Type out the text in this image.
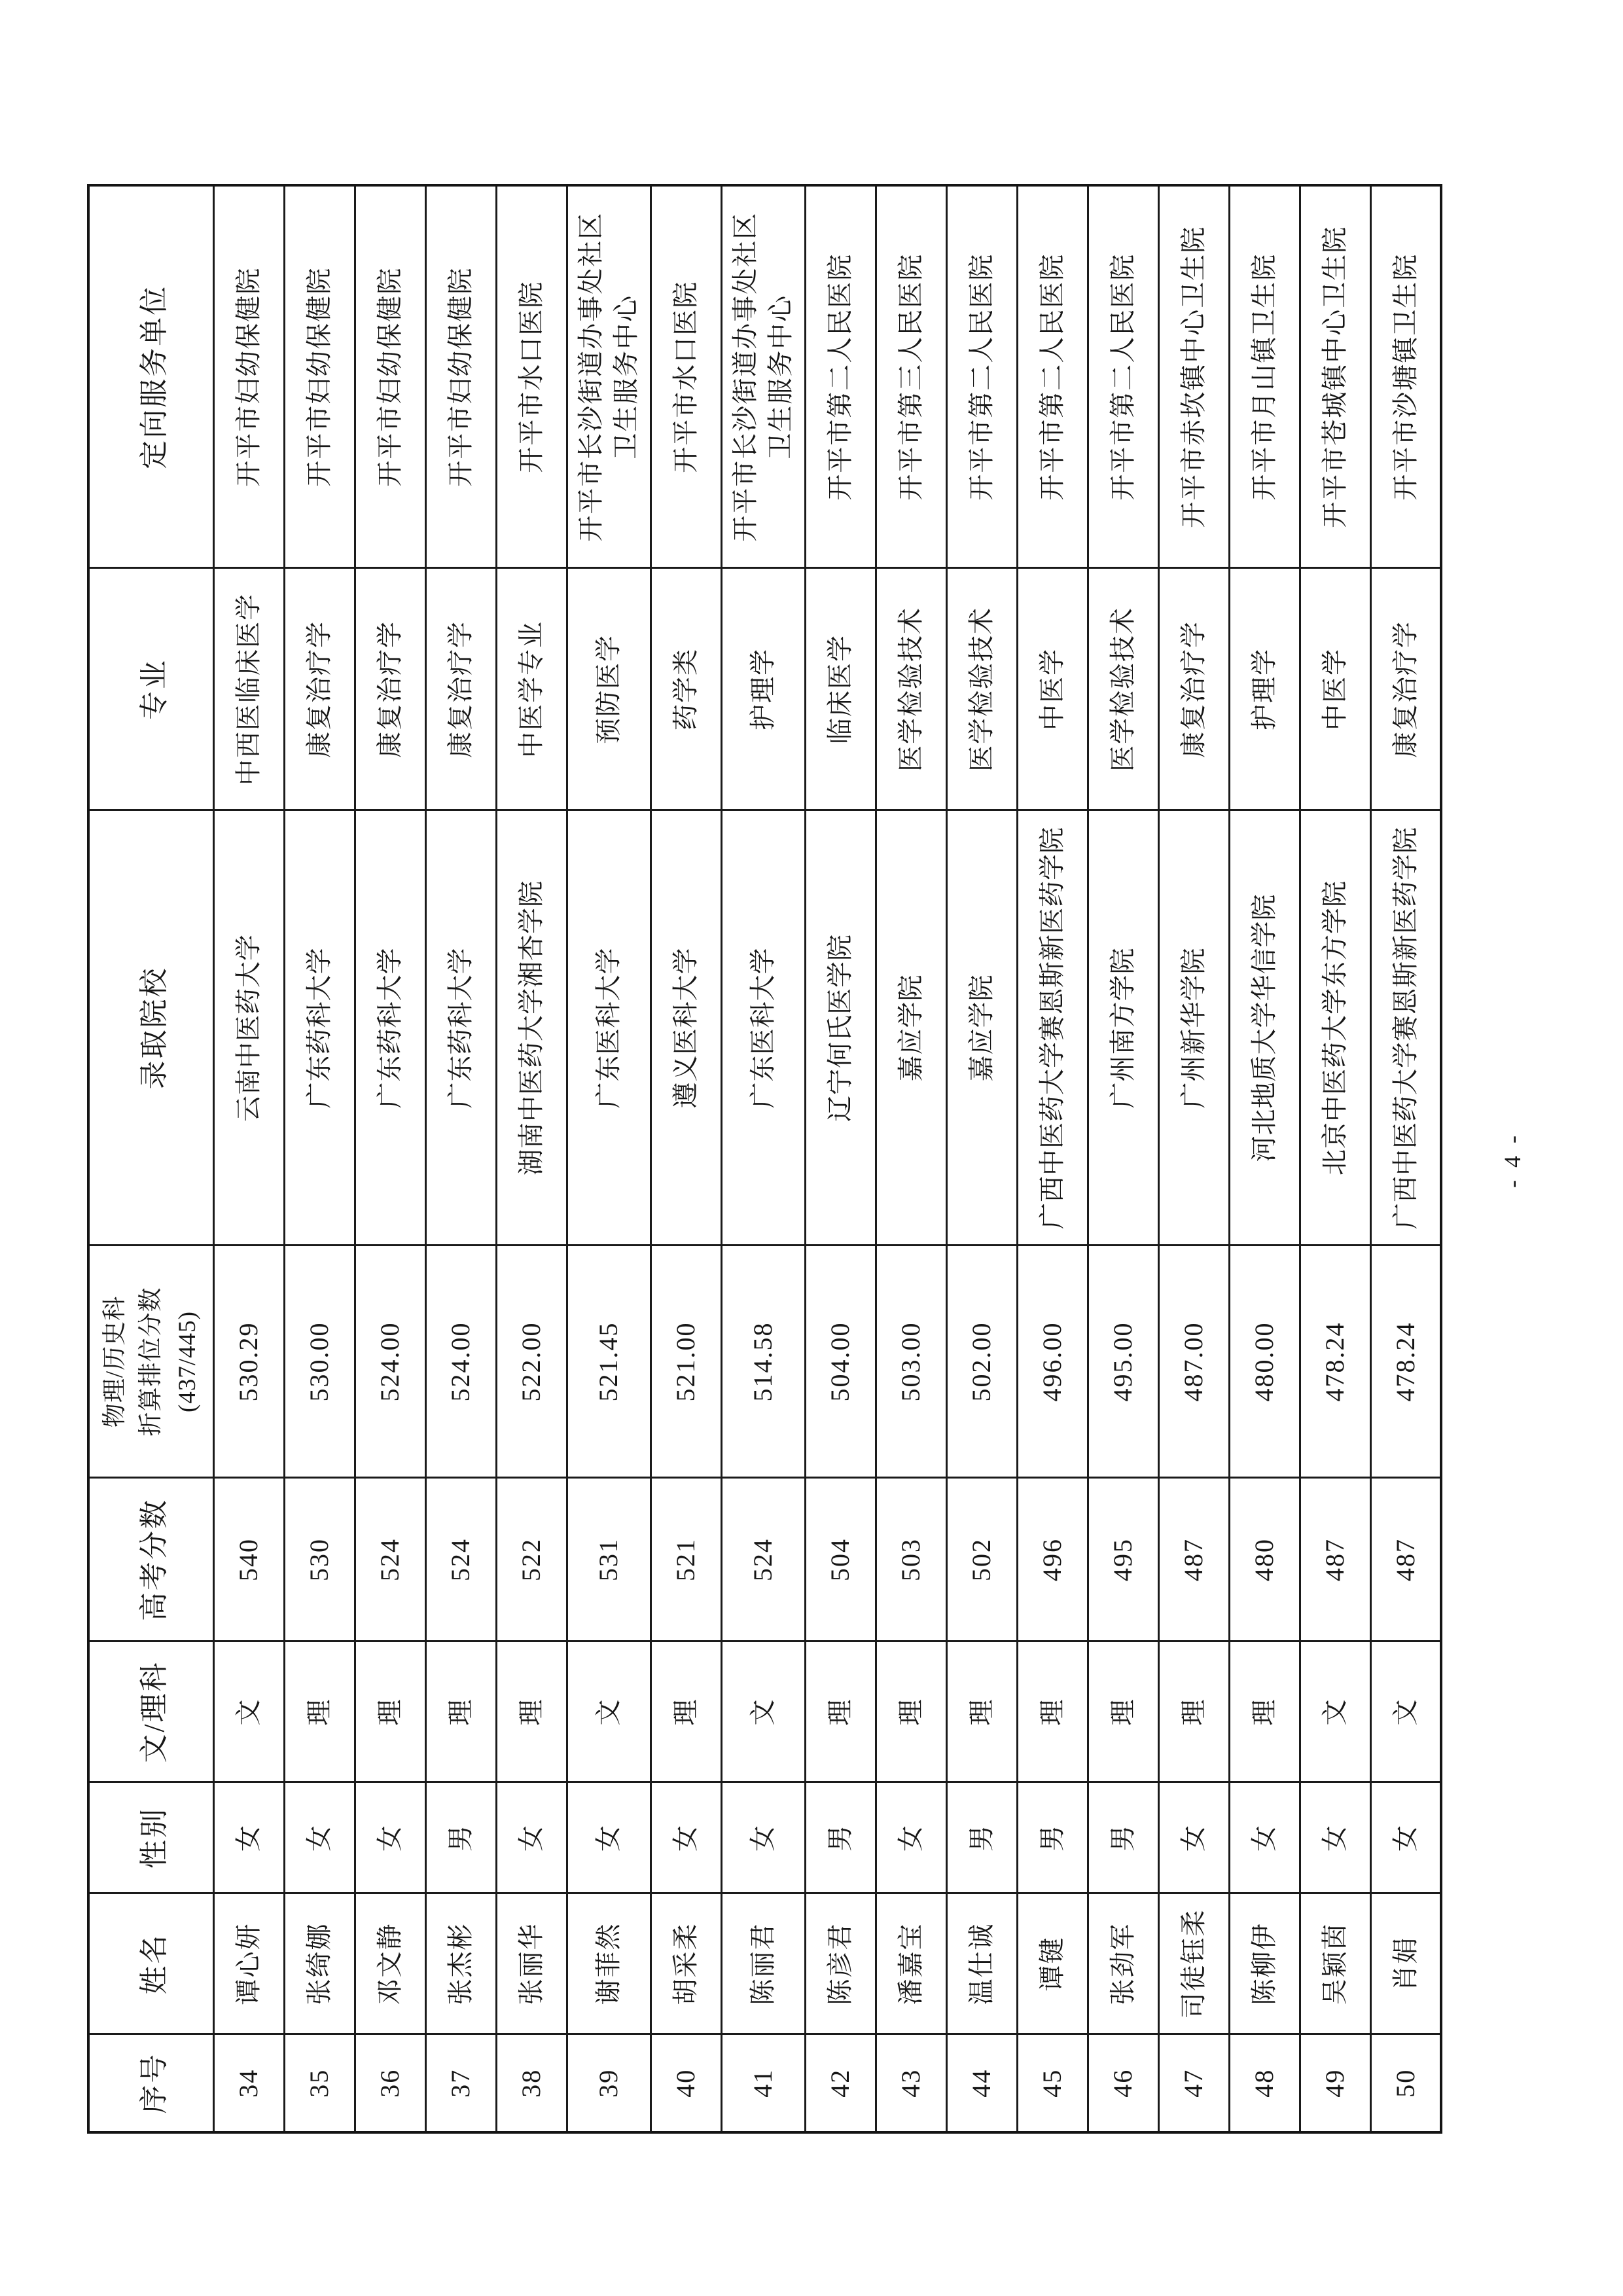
序号	姓名	性别	文/理科	高考分数	物理/历史科 折算排位分数 (437/445)	录取院校	专业	定向服务单位
34	谭心妍	女	文	540	530.29	云南中医药大学	中西医临床医学	开平市妇幼保健院
35	张绮娜	女	理	530	530.00	广东药科大学	康复治疗学	开平市妇幼保健院
36	邓文静	女	理	524	524.00	广东药科大学	康复治疗学	开平市妇幼保健院
37	张杰彬	男	理	524	524.00	广东药科大学	康复治疗学	开平市妇幼保健院
38	张丽华	女	理	522	522.00	湖南中医药大学湘杏学院	中医学专业	开平市水口医院
39	谢菲然	女	文	531	521.45	广东医科大学	预防医学	开平市长沙街道办事处社区卫生服务中心
40	胡采柔	女	理	521	521.00	遵义医科大学	药学类	开平市水口医院
41	陈丽君	女	文	524	514.58	广东医科大学	护理学	开平市长沙街道办事处社区卫生服务中心
42	陈彦君	男	理	504	504.00	辽宁何氏医学院	临床医学	开平市第二人民医院
43	潘嘉宝	女	理	503	503.00	嘉应学院	医学检验技术	开平市第三人民医院
44	温仕诚	男	理	502	502.00	嘉应学院	医学检验技术	开平市第二人民医院
45	谭键	男	理	496	496.00	广西中医药大学赛恩斯新医药学院	中医学	开平市第二人民医院
46	张劲军	男	理	495	495.00	广州南方学院	医学检验技术	开平市第二人民医院
47	司徒钰柔	女	理	487	487.00	广州新华学院	康复治疗学	开平市赤坎镇中心卫生院
48	陈柳伊	女	理	480	480.00	河北地质大学华信学院	护理学	开平市月山镇卫生院
49	吴颖茵	女	文	487	478.24	北京中医药大学东方学院	中医学	开平市苍城镇中心卫生院
50	肖娟	女	文	487	478.24	广西中医药大学赛恩斯新医药学院	康复治疗学	开平市沙塘镇卫生院
- 4 -
